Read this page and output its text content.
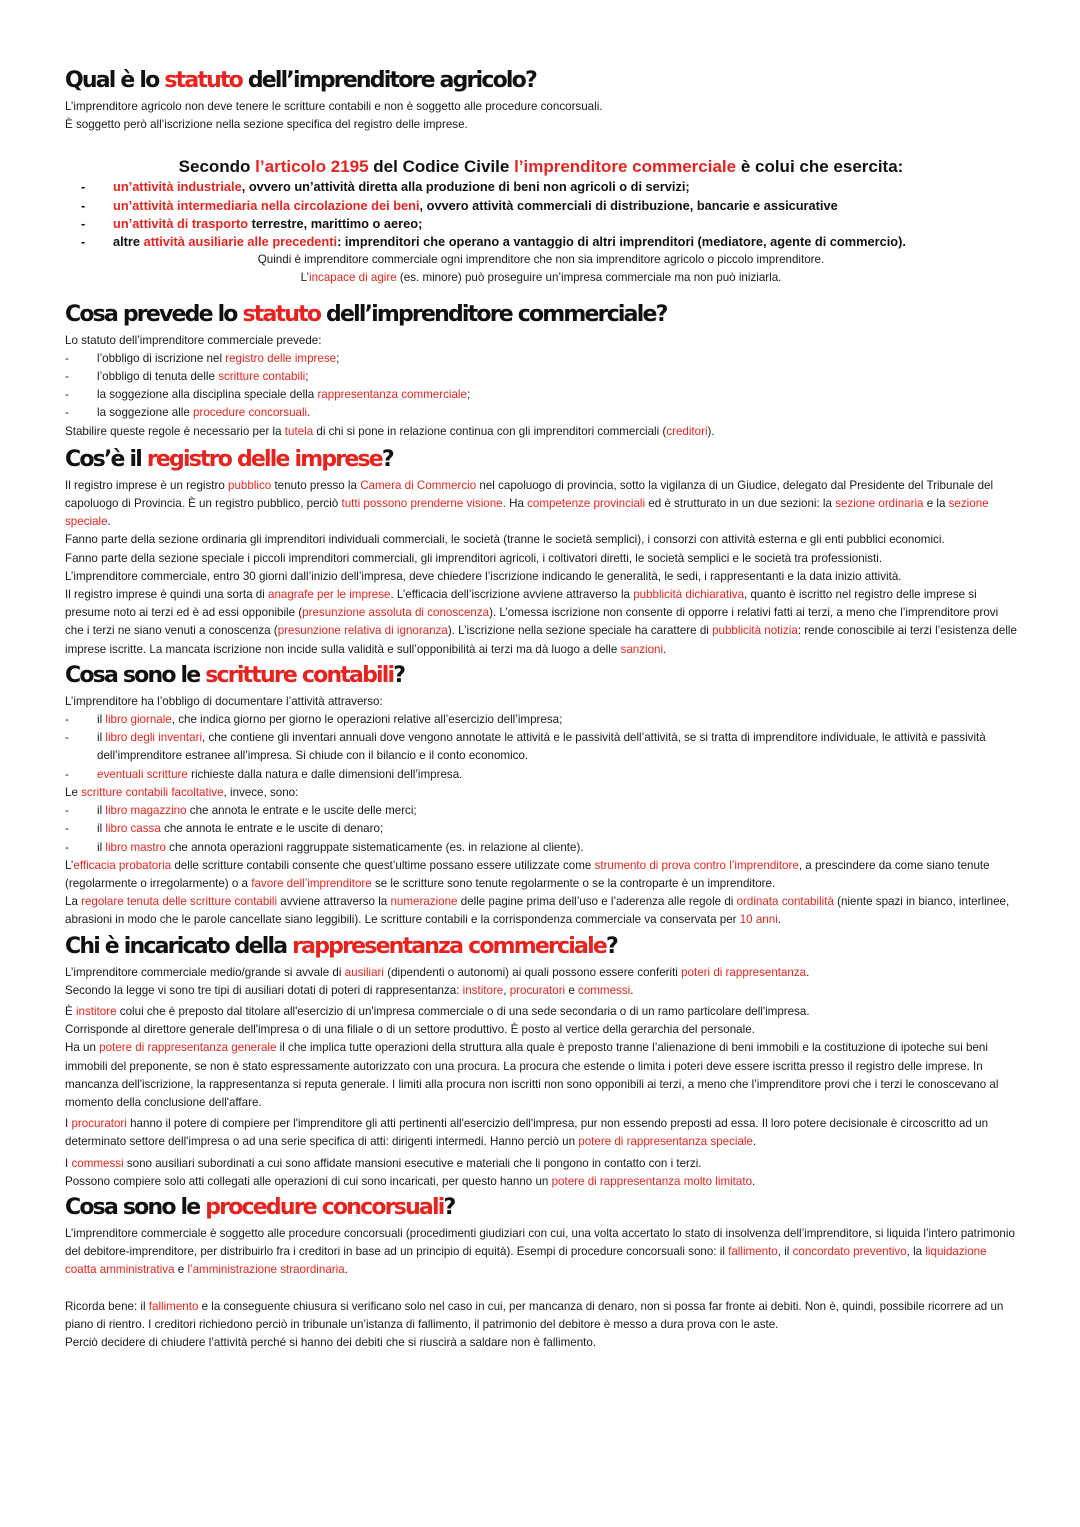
Qual è lo statuto dell’imprenditore agricolo?

L’imprenditore agricolo non deve tenere le scritture contabili e non è soggetto alle procedure concorsuali.

È soggetto però all’iscrizione nella sezione specifica del registro delle imprese.

Secondo l’articolo 2195 del Codice Civile l’imprenditore commerciale è colui che esercita:
- un’attività industriale, ovvero un’attività diretta alla produzione di beni non agricoli o di servizi;
- un’attività intermediaria nella circolazione dei beni, ovvero attività commerciali di distribuzione, bancarie e assicurative
- un’attività di trasporto terrestre, marittimo o aereo;
- altre attività ausiliarie alle precedenti: imprenditori che operano a vantaggio di altri imprenditori (mediatore, agente di commercio).

Quindi è imprenditore commerciale ogni imprenditore che non sia imprenditore agricolo o piccolo imprenditore.

L’incapace di agire (es. minore) può proseguire un’impresa commerciale ma non può iniziarla.

Cosa prevede lo statuto dell’imprenditore commerciale?

Lo statuto dell’imprenditore commerciale prevede:

- l’obbligo di iscrizione nel registro delle imprese;
- l’obbligo di tenuta delle scritture contabili;
- la soggezione alla disciplina speciale della rappresentanza commerciale;
- la soggezione alle procedure concorsuali.

Stabilire queste regole è necessario per la tutela di chi si pone in relazione continua con gli imprenditori commerciali (creditori).

Cos’è il registro delle imprese?

Il registro imprese è un registro pubblico tenuto presso la Camera di Commercio nel capoluogo di provincia, sotto la vigilanza di un Giudice, delegato dal Presidente del Tribunale del capoluogo di Provincia. È un registro pubblico, perciò tutti possono prenderne visione. Ha competenze provinciali ed è strutturato in un due sezioni: la sezione ordinaria e la sezione speciale.

Fanno parte della sezione ordinaria gli imprenditori individuali commerciali, le società (tranne le società semplici), i consorzi con attività esterna e gli enti pubblici economici.

Fanno parte della sezione speciale i piccoli imprenditori commerciali, gli imprenditori agricoli, i coltivatori diretti, le società semplici e le società tra professionisti.

L’imprenditore commerciale, entro 30 giorni dall’inizio dell’impresa, deve chiedere l’iscrizione indicando le generalità, le sedi, i rappresentanti e la data inizio attività.

Il registro imprese è quindi una sorta di anagrafe per le imprese. L’efficacia dell’iscrizione avviene attraverso la pubblicità dichiarativa, quanto è iscritto nel registro delle imprese si presume noto ai terzi ed è ad essi opponibile (presunzione assoluta di conoscenza). L’omessa iscrizione non consente di opporre i relativi fatti ai terzi, a meno che l’imprenditore provi che i terzi ne siano venuti a conoscenza (presunzione relativa di ignoranza). L’iscrizione nella sezione speciale ha carattere di pubblicità notizia: rende conoscibile ai terzi l’esistenza delle imprese iscritte. La mancata iscrizione non incide sulla validità e sull’opponibilità ai terzi ma dà luogo a delle sanzioni.

Cosa sono le scritture contabili?

L’imprenditore ha l’obbligo di documentare l’attività attraverso:

- il libro giornale, che indica giorno per giorno le operazioni relative all’esercizio dell’impresa;
- il libro degli inventari, che contiene gli inventari annuali dove vengono annotate le attività e le passività dell’attività, se si tratta di imprenditore individuale, le attività e passività dell’imprenditore estranee all’impresa. Si chiude con il bilancio e il conto economico.
- eventuali scritture richieste dalla natura e dalle dimensioni dell’impresa.

Le scritture contabili facoltative, invece, sono:

- il libro magazzino che annota le entrate e le uscite delle merci;
- il libro cassa che annota le entrate e le uscite di denaro;
- il libro mastro che annota operazioni raggruppate sistematicamente (es. in relazione al cliente).

L’efficacia probatoria delle scritture contabili consente che quest’ultime possano essere utilizzate come strumento di prova contro l’imprenditore, a prescindere da come siano tenute (regolarmente o irregolarmente) o a favore dell’imprenditore se le scritture sono tenute regolarmente o se la controparte è un imprenditore.

La regolare tenuta delle scritture contabili avviene attraverso la numerazione delle pagine prima dell’uso e l’aderenza alle regole di ordinata contabilità (niente spazi in bianco, interlinee, abrasioni in modo che le parole cancellate siano leggibili). Le scritture contabili e la corrispondenza commerciale va conservata per 10 anni.

Chi è incaricato della rappresentanza commerciale?

L’imprenditore commerciale medio/grande si avvale di ausiliari (dipendenti o autonomi) ai quali possono essere conferiti poteri di rappresentanza.

Secondo la legge vi sono tre tipi di ausiliari dotati di poteri di rappresentanza: institore, procuratori e commessi.

È institore colui che è preposto dal titolare all'esercizio di un'impresa commerciale o di una sede secondaria o di un ramo particolare dell'impresa.

Corrisponde al direttore generale dell'impresa o di una filiale o di un settore produttivo. È posto al vertice della gerarchia del personale.

Ha un potere di rappresentanza generale il che implica tutte operazioni della struttura alla quale è preposto tranne l’alienazione di beni immobili e la costituzione di ipoteche sui beni immobili del preponente, se non è stato espressamente autorizzato con una procura. La procura che estende o limita i poteri deve essere iscritta presso il registro delle imprese. In mancanza dell'iscrizione, la rappresentanza si reputa generale. I limiti alla procura non iscritti non sono opponibili ai terzi, a meno che l’imprenditore provi che i terzi le conoscevano al momento della conclusione dell'affare.

I procuratori hanno il potere di compiere per l'imprenditore gli atti pertinenti all'esercizio dell'impresa, pur non essendo preposti ad essa. Il loro potere decisionale è circoscritto ad un determinato settore dell'impresa o ad una serie specifica di atti: dirigenti intermedi. Hanno perciò un potere di rappresentanza speciale.

I commessi sono ausiliari subordinati a cui sono affidate mansioni esecutive e materiali che li pongono in contatto con i terzi.

Possono compiere solo atti collegati alle operazioni di cui sono incaricati, per questo hanno un potere di rappresentanza molto limitato.

Cosa sono le procedure concorsuali?

L’imprenditore commerciale è soggetto alle procedure concorsuali (procedimenti giudiziari con cui, una volta accertato lo stato di insolvenza dell’imprenditore, si liquida l’intero patrimonio del debitore-imprenditore, per distribuirlo fra i creditori in base ad un principio di equità). Esempi di procedure concorsuali sono: il fallimento, il concordato preventivo, la liquidazione coatta amministrativa e l’amministrazione straordinaria.

Ricorda bene: il fallimento e la conseguente chiusura si verificano solo nel caso in cui, per mancanza di denaro, non si possa far fronte ai debiti. Non è, quindi, possibile ricorrere ad un piano di rientro. I creditori richiedono perciò in tribunale un’istanza di fallimento, il patrimonio del debitore è messo a dura prova con le aste.

Perciò decidere di chiudere l’attività perché si hanno dei debiti che si riuscirà a saldare non è fallimento.
